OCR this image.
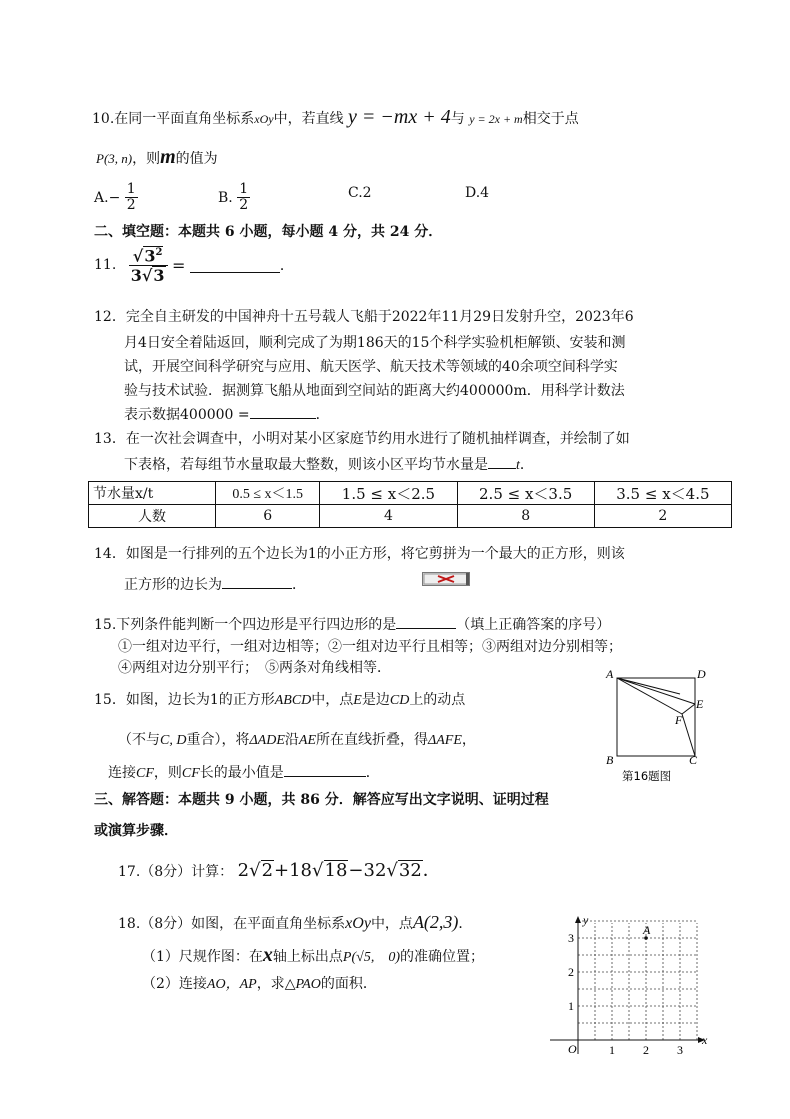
10.在同一平面直角坐标系xOy中，若直线 y = −mx + 4与 y = 2x + m相交于点
P(3, n)，则m的值为
$A.- \frac{1}{2}$	B. $\frac{1}{2}$	C.2	D.4
二、填空题：本题共 6 小题，每小题 4 分，共 24 分．
11. $\frac{√3^2}{3√3}$ =	．
12．完全自主研发的中国神舟十五号载人飞船于2022年11月29日发射升空，2023年6
月4日安全着陆返回，顺利完成了为期186天的15个科学实验机柜解锁、安装和测
试，开展空间科学研究与应用、航天医学、航天技术等领域的40余项空间科学实
验与技术试验．据测算飞船从地面到空间站的距离大约400000m．用科学计数法
表示数据400000 =	．
13．在一次社会调查中，小明对某小区家庭节约用水进行了随机抽样调查，并绘制了如
下表格，若每组节水量取最大整数，则该小区平均节水量是 t．
节水量x/t	0.5 ≤ x＜1.5	1.5 ≤ x＜2.5	2.5 ≤ x＜3.5	3.5 ≤ x＜4.5
人数	6	4	8	2
14．如图是一行排列的五个边长为1的小正方形，将它剪拼为一个最大的正方形，则该
正方形的边长为	．
15.下列条件能判断一个四边形是平行四边形的是	（填上正确答案的序号）
①一组对边平行，一组对边相等；②一组对边平行且相等；③两组对边分别相等；
④两组对边分别平行；　⑤两条对角线相等．
15．如图，边长为1的正方形ABCD中，点E是边CD上的动点
（不与C, D重合），将ΔADE沿AE所在直线折叠，得ΔAFE，
连接CF，则CF长的最小值是	．
A	D
B	C
E
F
第16题图
三、解答题：本题共 9 小题，共 86 分．解答应写出文字说明、证明过程
或演算步骤．
17.（8分）计算： 2√2+18√18−32√32．
18.（8分）如图，在平面直角坐标系xOy中，点A(2,3)．
（1）尺规作图：在x轴上标出点P(√5,　0)的准确位置；
（2）连接AO，AP，求△PAO的面积．
y
x
O	1 2 3
1
2
3
A
